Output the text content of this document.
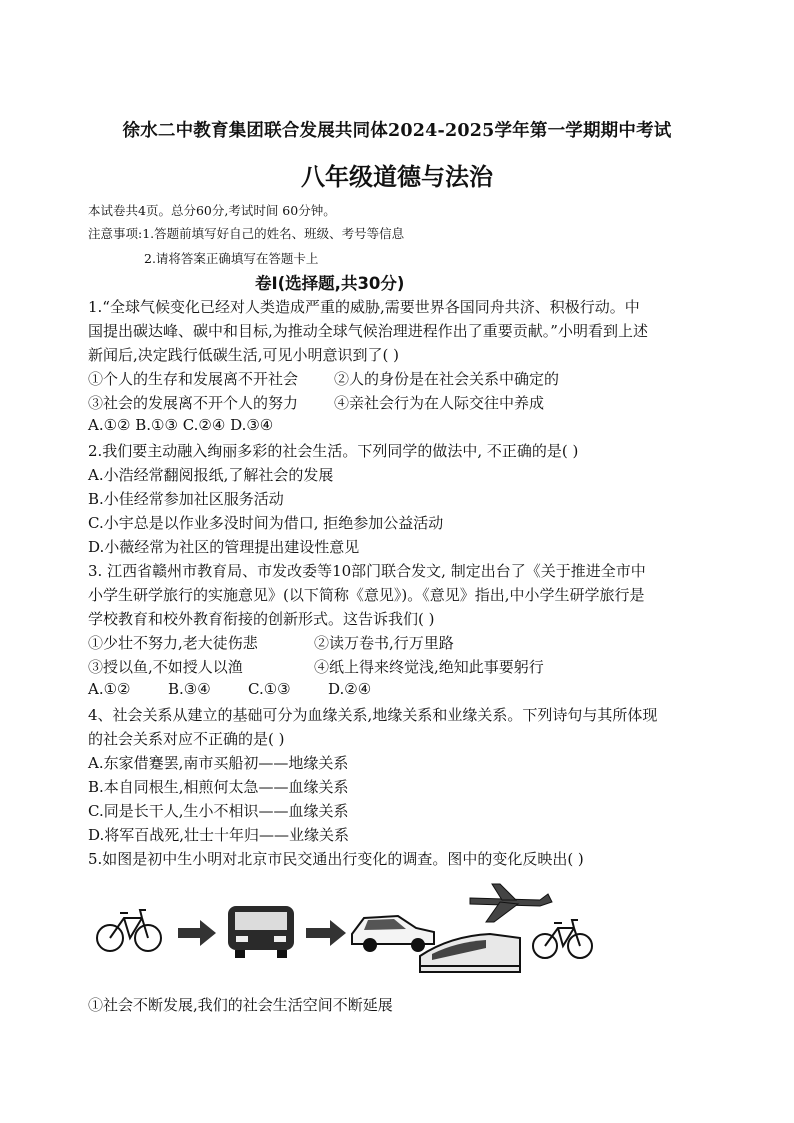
徐水二中教育集团联合发展共同体2024-2025学年第一学期期中考试
八年级道德与法治
本试卷共4页。总分60分,考试时间 60分钟。
注意事项:1.答题前填写好自己的姓名、班级、考号等信息
2.请将答案正确填写在答题卡上
卷Ⅰ(选择题,共30分)
1.“全球气候变化已经对人类造成严重的威胁,需要世界各国同舟共济、积极行动。中
国提出碳达峰、碳中和目标,为推动全球气候治理进程作出了重要贡献。”小明看到上述
新闻后,决定践行低碳生活,可见小明意识到了( )
①个人的生存和发展离不开社会 ②人的身份是在社会关系中确定的
③社会的发展离不开个人的努力 ④亲社会行为在人际交往中养成
A.①② B.①③ C.②④ D.③④
2.我们要主动融入绚丽多彩的社会生活。下列同学的做法中, 不正确的是( )
A.小浩经常翻阅报纸,了解社会的发展
B.小佳经常参加社区服务活动
C.小宇总是以作业多没时间为借口, 拒绝参加公益活动
D.小薇经常为社区的管理提出建设性意见
3. 江西省赣州市教育局、市发改委等10部门联合发文, 制定出台了《关于推进全市中
小学生研学旅行的实施意见》(以下简称《意见》)。《意见》指出,中小学生研学旅行是
学校教育和校外教育衔接的创新形式。这告诉我们( )
①少壮不努力,老大徒伤悲	②读万卷书,行万里路
③授以鱼,不如授人以渔	④纸上得来终觉浅,绝知此事要躬行
A.①②	B.③④ C.①③ D.②④
4、社会关系从建立的基础可分为血缘关系,地缘关系和业缘关系。下列诗句与其所体现
的社会关系对应不正确的是( )
A.东家借蹇罢,南市买船初——地缘关系
B.本自同根生,相煎何太急——血缘关系
C.同是长干人,生小不相识——血缘关系
D.将军百战死,壮士十年归——业缘关系
5.如图是初中生小明对北京市民交通出行变化的调查。图中的变化反映出( )
①社会不断发展,我们的社会生活空间不断延展
